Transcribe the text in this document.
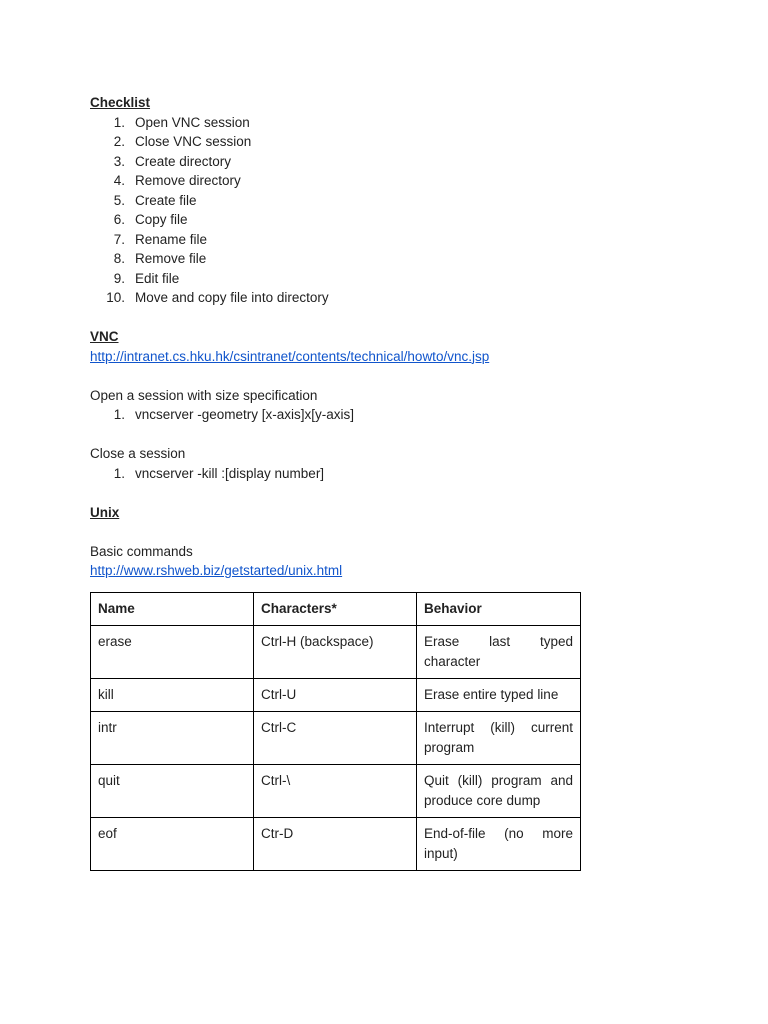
Checklist
1. Open VNC session
2. Close VNC session
3. Create directory
4. Remove directory
5. Create file
6. Copy file
7. Rename file
8. Remove file
9. Edit file
10. Move and copy file into directory
VNC
http://intranet.cs.hku.hk/csintranet/contents/technical/howto/vnc.jsp
Open a session with size specification
1. vncserver -geometry [x-axis]x[y-axis]
Close a session
1. vncserver -kill :[display number]
Unix
Basic commands
http://www.rshweb.biz/getstarted/unix.html
Name	Characters*	Behavior
erase	Ctrl-H (backspace)	Erase last typed character
kill	Ctrl-U	Erase entire typed line
intr	Ctrl-C	Interrupt (kill) current program
quit	Ctrl-\	Quit (kill) program and produce core dump
eof	Ctr-D	End-of-file (no more input)
